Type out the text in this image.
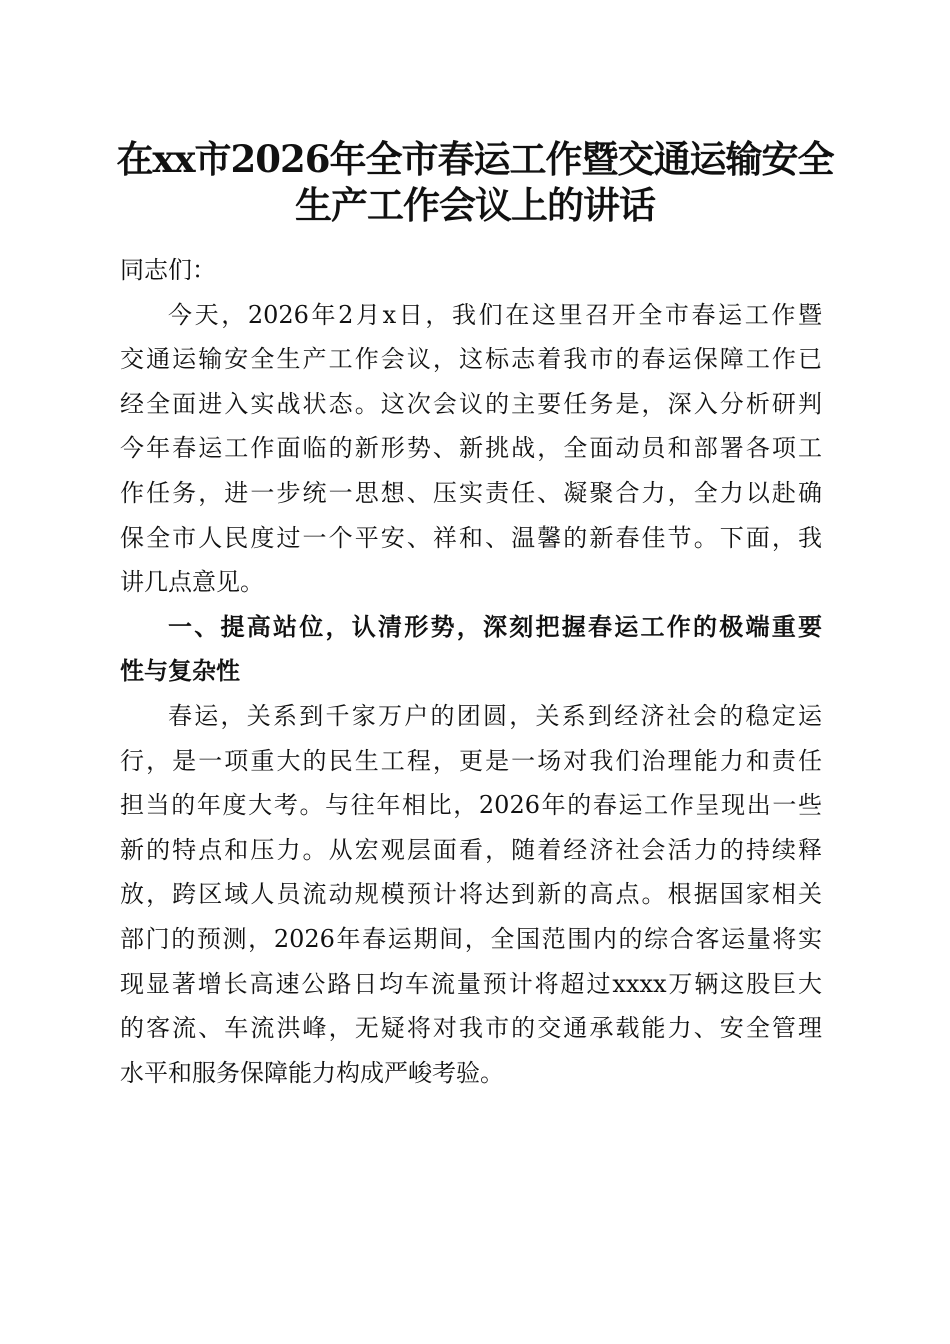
在xx市2026年全市春运工作暨交通运输安全
生产工作会议上的讲话
同志们：
今天，2026年2月x日，我们在这里召开全市春运工作暨
交通运输安全生产工作会议，这标志着我市的春运保障工作已
经全面进入实战状态。这次会议的主要任务是，深入分析研判
今年春运工作面临的新形势、新挑战，全面动员和部署各项工
作任务，进一步统一思想、压实责任、凝聚合力，全力以赴确
保全市人民度过一个平安、祥和、温馨的新春佳节。下面，我
讲几点意见。
一、提高站位，认清形势，深刻把握春运工作的极端重要
性与复杂性
春运，关系到千家万户的团圆，关系到经济社会的稳定运
行，是一项重大的民生工程，更是一场对我们治理能力和责任
担当的年度大考。与往年相比，2026年的春运工作呈现出一些
新的特点和压力。从宏观层面看，随着经济社会活力的持续释
放，跨区域人员流动规模预计将达到新的高点。根据国家相关
部门的预测，2026年春运期间，全国范围内的综合客运量将实
现显著增长高速公路日均车流量预计将超过xxxx万辆这股巨大
的客流、车流洪峰，无疑将对我市的交通承载能力、安全管理
水平和服务保障能力构成严峻考验。
